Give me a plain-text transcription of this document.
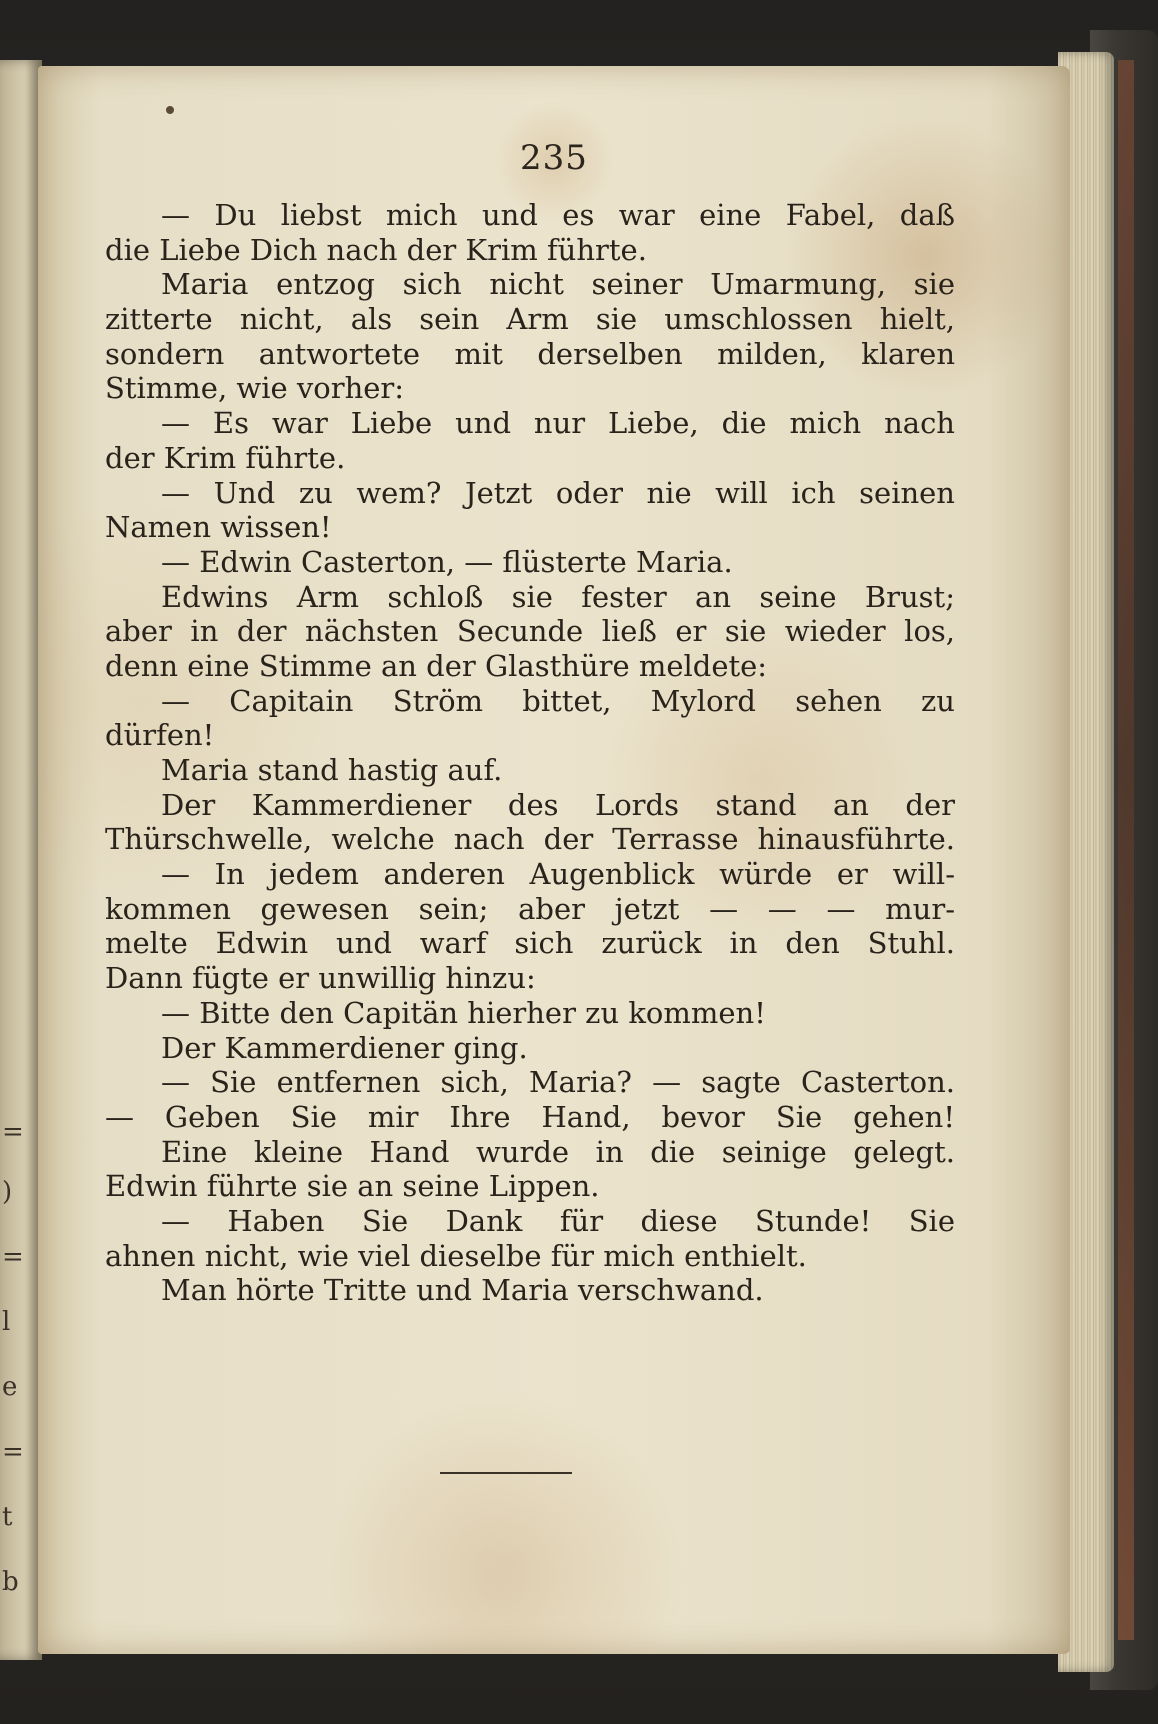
=
)
=
l
e
=
t
b
235
— Du liebst mich und es war eine Fabel, daß
die Liebe Dich nach der Krim führte.
Maria entzog sich nicht seiner Umarmung, sie
zitterte nicht, als sein Arm sie umschlossen hielt,
sondern antwortete mit derselben milden, klaren
Stimme, wie vorher:
— Es war Liebe und nur Liebe, die mich nach
der Krim führte.
— Und zu wem? Jetzt oder nie will ich seinen
Namen wissen!
— Edwin Casterton, — flüsterte Maria.
Edwins Arm schloß sie fester an seine Brust;
aber in der nächsten Secunde ließ er sie wieder los,
denn eine Stimme an der Glasthüre meldete:
— Capitain Ström bittet, Mylord sehen zu
dürfen!
Maria stand hastig auf.
Der Kammerdiener des Lords stand an der
Thürschwelle, welche nach der Terrasse hinausführte.
— In jedem anderen Augenblick würde er will-
kommen gewesen sein; aber jetzt — — — mur-
melte Edwin und warf sich zurück in den Stuhl.
Dann fügte er unwillig hinzu:
— Bitte den Capitän hierher zu kommen!
Der Kammerdiener ging.
— Sie entfernen sich, Maria? — sagte Casterton.
— Geben Sie mir Ihre Hand, bevor Sie gehen!
Eine kleine Hand wurde in die seinige gelegt.
Edwin führte sie an seine Lippen.
— Haben Sie Dank für diese Stunde! Sie
ahnen nicht, wie viel dieselbe für mich enthielt.
Man hörte Tritte und Maria verschwand.
